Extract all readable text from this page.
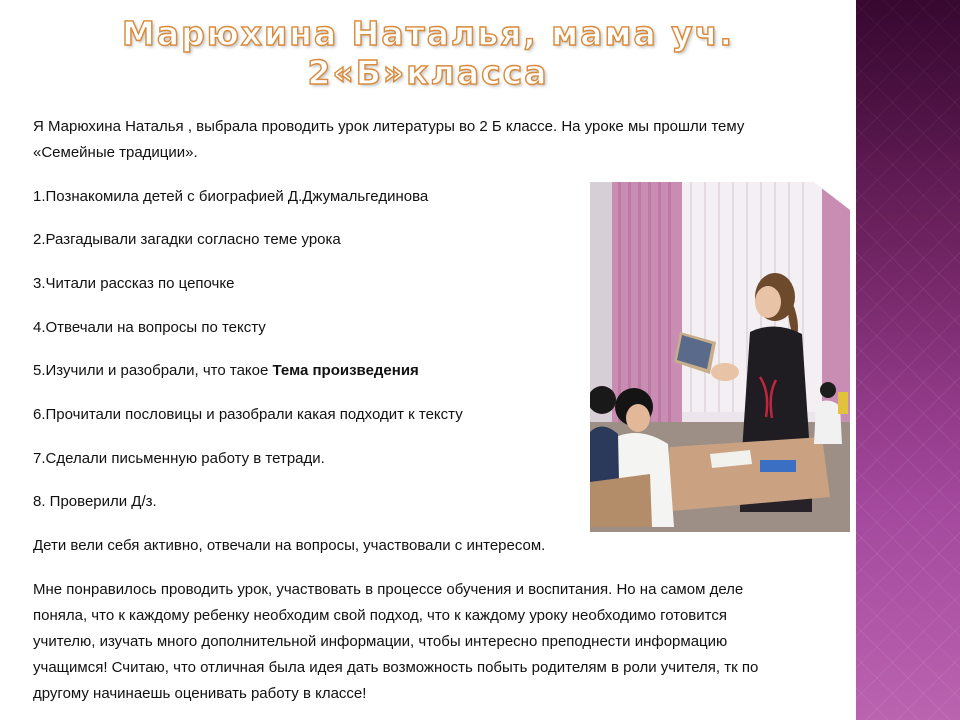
Марюхина Наталья, мама уч. 2«Б»класса

Я Марюхина Наталья , выбрала проводить урок литературы во 2 Б классе. На уроке мы прошли тему «Семейные традиции».

1.Познакомила детей с биографией Д.Джумальгединова

2.Разгадывали загадки согласно теме урока

3.Читали рассказ по цепочке

4.Отвечали на вопросы по тексту

5.Изучили и разобрали, что такое Тема произведения

6.Прочитали пословицы и разобрали какая подходит к тексту

7.Сделали письменную работу в тетради.

8. Проверили Д/з.

Дети вели себя активно, отвечали на вопросы, участвовали с интересом.

Мне понравилось проводить урок, участвовать в процессе обучения и воспитания. Но на самом деле поняла, что к каждому ребенку необходим свой подход, что к каждому уроку необходимо готовится учителю, изучать много дополнительной информации, чтобы интересно преподнести информацию учащимся! Считаю, что отличная была идея дать возможность побыть родителям в роли учителя, тк по другому начинаешь оценивать работу в классе!
